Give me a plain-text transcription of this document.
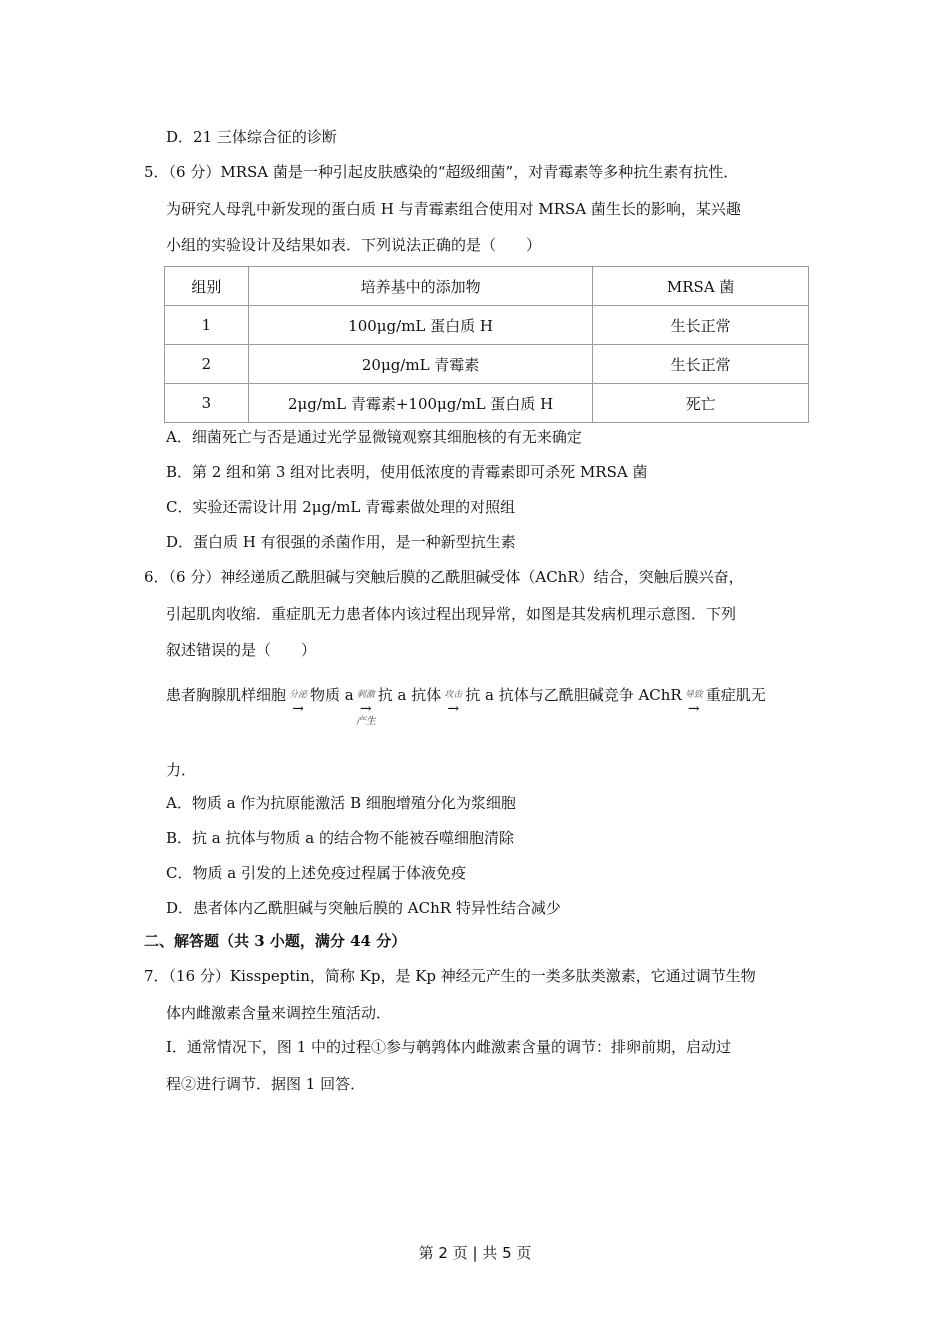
D．21 三体综合征的诊断
5．（6 分）MRSA 菌是一种引起皮肤感染的“超级细菌”，对青霉素等多种抗生素有抗性．
为研究人母乳中新发现的蛋白质 H 与青霉素组合使用对 MRSA 菌生长的影响，某兴趣
小组的实验设计及结果如表．下列说法正确的是（　　）
组别	培养基中的添加物	MRSA 菌
1	100μg/mL 蛋白质 H	生长正常
2	20μg/mL 青霉素	生长正常
3	2μg/mL 青霉素+100μg/mL 蛋白质 H	死亡
A．细菌死亡与否是通过光学显微镜观察其细胞核的有无来确定
B．第 2 组和第 3 组对比表明，使用低浓度的青霉素即可杀死 MRSA 菌
C．实验还需设计用 2μg/mL 青霉素做处理的对照组
D．蛋白质 H 有很强的杀菌作用，是一种新型抗生素
6．（6 分）神经递质乙酰胆碱与突触后膜的乙酰胆碱受体（AChR）结合，突触后膜兴奋，
引起肌肉收缩．重症肌无力患者体内该过程出现异常，如图是其发病机理示意图．下列
叙述错误的是（　　）
患者胸腺肌样细胞 分泌
→
物质 a 刺激
→
产生
抗 a 抗体 攻击
→
抗 a 抗体与乙酰胆碱竞争 AChR 导致
→
重症肌无
力．
A．物质 a 作为抗原能激活 B 细胞增殖分化为浆细胞
B．抗 a 抗体与物质 a 的结合物不能被吞噬细胞清除
C．物质 a 引发的上述免疫过程属于体液免疫
D．患者体内乙酰胆碱与突触后膜的 AChR 特异性结合减少
二、解答题（共 3 小题，满分 44 分）
7．（16 分）Kisspeptin，简称 Kp，是 Kp 神经元产生的一类多肽类激素，它通过调节生物
体内雌激素含量来调控生殖活动．
Ⅰ．通常情况下，图 1 中的过程①参与鹌鹑体内雌激素含量的调节：排卵前期，启动过
程②进行调节．据图 1 回答．
第 2 页 | 共 5 页
